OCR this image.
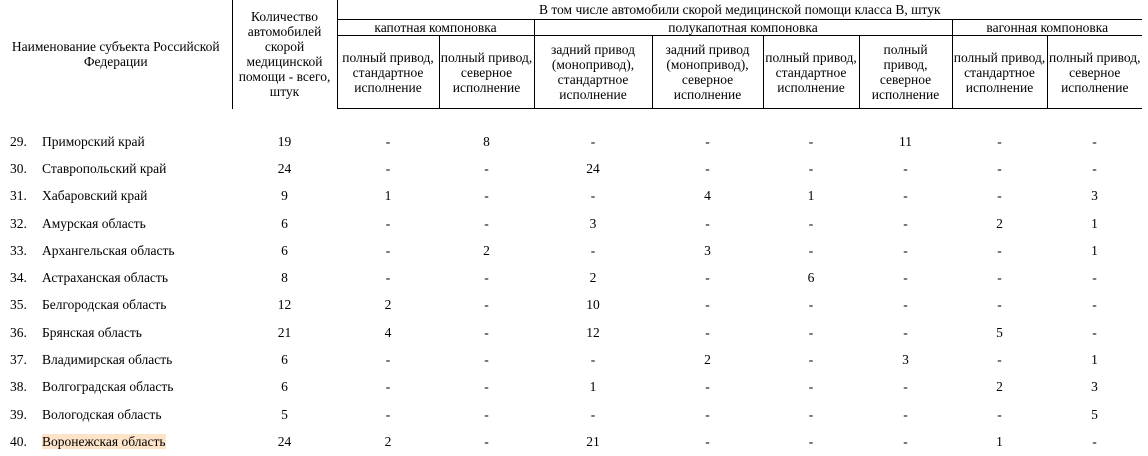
Наименование субъекта Российской Федерации		Количество автомобилей скорой медицинской помощи - всего, штук	В том числе автомобили скорой медицинской помощи класса В, штук							
			капотная компоновка		полукапотная компоновка				вагонная компоновка	
			полный привод, стандартное исполнение	полный привод, северное исполнение	задний привод (монопривод), стандартное исполнение	задний привод (монопривод), северное исполнение	полный привод, стандартное исполнение	полный привод, северное исполнение	полный привод, стандартное исполнение	полный привод, северное исполнение

29.	Приморский край	19	-	8	-	-	-	11	-	-
30.	Ставропольский край	24	-	-	24	-	-	-	-	-
31.	Хабаровский край	9	1	-	-	4	1	-	-	3
32.	Амурская область	6	-	-	3	-	-	-	2	1
33.	Архангельская область	6	-	2	-	3	-	-	-	1
34.	Астраханская область	8	-	-	2	-	6	-	-	-
35.	Белгородская область	12	2	-	10	-	-	-	-	-
36.	Брянская область	21	4	-	12	-	-	-	5	-
37.	Владимирская область	6	-	-	-	2	-	3	-	1
38.	Волгоградская область	6	-	-	1	-	-	-	2	3
39.	Вологодская область	5	-	-	-	-	-	-	-	5
40.	Воронежская область	24	2	-	21	-	-	-	1	-
